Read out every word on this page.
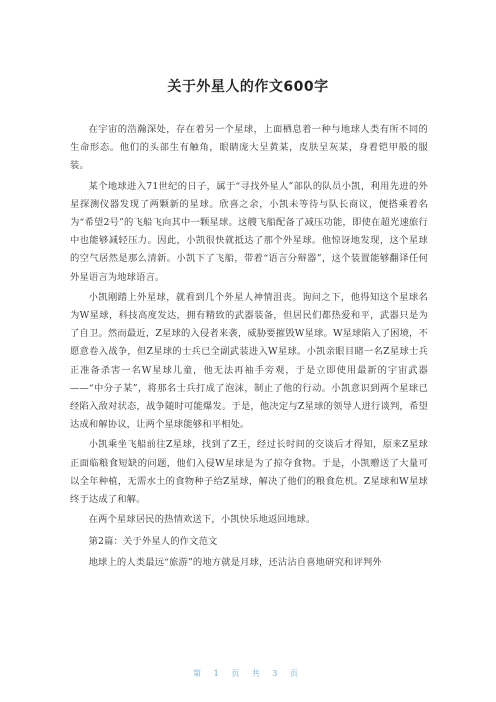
关于外星人的作文600字

在宇宙的浩瀚深处，存在着另一个星球，上面栖息着一种与地球人类有所不同的生命形态。他们的头部生有触角，眼睛庞大呈黄某，皮肤呈灰某，身着铠甲般的服装。

某个地球进入71世纪的日子，属于“寻找外星人”部队的队员小凯，利用先进的外星探测仪器发现了两颗新的星球。欣喜之余，小凯未等待与队长商议，便搭乘着名为“希望2号”的飞船飞向其中一颗星球。这艘飞船配备了减压功能，即使在超光速旅行中也能够减轻压力。因此，小凯很快就抵达了那个外星球。他惊讶地发现，这个星球的空气居然是那么清新。小凯下了飞船，带着“语言分辩器”，这个装置能够翻译任何外星语言为地球语言。

小凯刚踏上外星球，就看到几个外星人神情沮丧。询问之下，他得知这个星球名为W星球，科技高度发达，拥有精致的武器装备，但居民们都热爱和平，武器只是为了自卫。然而最近，Z星球的入侵者来袭，威胁要摧毁W星球。W星球陷入了困境，不愿意卷入战争，但Z星球的士兵已全副武装进入W星球。小凯亲眼目睹一名Z星球士兵正准备杀害一名W星球儿童，他无法再袖手旁观，于是立即使用最新的宇宙武器——“中分子某”，将那名士兵打成了泡沫，制止了他的行动。小凯意识到两个星球已经陷入敌对状态，战争随时可能爆发。于是，他决定与Z星球的领导人进行谈判，希望达成和解协议，让两个星球能够和平相处。

小凯乘坐飞船前往Z星球，找到了Z王，经过长时间的交谈后才得知，原来Z星球正面临粮食短缺的问题，他们入侵W星球是为了掠夺食物。于是，小凯赠送了大量可以全年种植，无需水土的食物种子给Z星球，解决了他们的粮食危机。Z星球和W星球终于达成了和解。

在两个星球居民的热情欢送下，小凯快乐地返回地球。

第2篇：关于外星人的作文范文

地球上的人类最远“旅游”的地方就是月球，还沾沾自喜地研究和评判外

第 1 页 共 3 页
